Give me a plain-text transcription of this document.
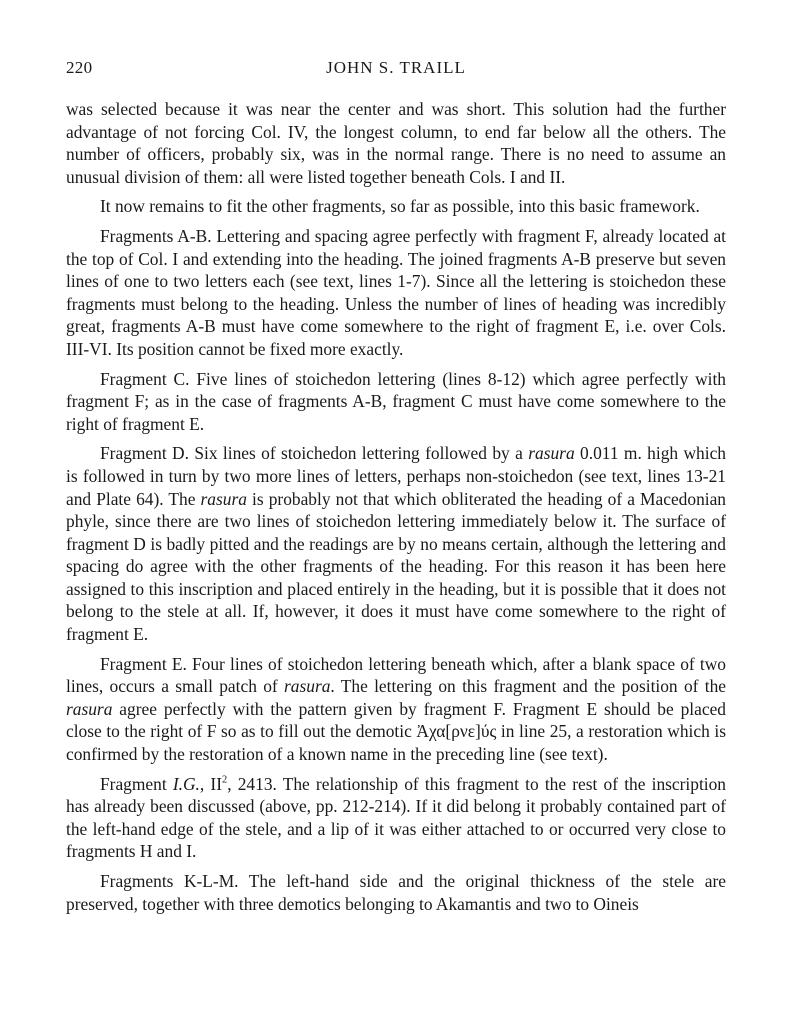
220	JOHN S. TRAILL

was selected because it was near the center and was short. This solution had the further advantage of not forcing Col. IV, the longest column, to end far below all the others. The number of officers, probably six, was in the normal range. There is no need to assume an unusual division of them: all were listed together beneath Cols. I and II.

It now remains to fit the other fragments, so far as possible, into this basic framework.

Fragments A-B. Lettering and spacing agree perfectly with fragment F, already located at the top of Col. I and extending into the heading. The joined fragments A-B preserve but seven lines of one to two letters each (see text, lines 1-7). Since all the lettering is stoichedon these fragments must belong to the heading. Unless the number of lines of heading was incredibly great, fragments A-B must have come somewhere to the right of fragment E, i.e. over Cols. III-VI. Its position cannot be fixed more exactly.

Fragment C. Five lines of stoichedon lettering (lines 8-12) which agree perfectly with fragment F; as in the case of fragments A-B, fragment C must have come somewhere to the right of fragment E.

Fragment D. Six lines of stoichedon lettering followed by a rasura 0.011 m. high which is followed in turn by two more lines of letters, perhaps non-stoichedon (see text, lines 13-21 and Plate 64). The rasura is probably not that which obliterated the heading of a Macedonian phyle, since there are two lines of stoichedon lettering immediately below it. The surface of fragment D is badly pitted and the readings are by no means certain, although the lettering and spacing do agree with the other fragments of the heading. For this reason it has been here assigned to this inscription and placed entirely in the heading, but it is possible that it does not belong to the stele at all. If, however, it does it must have come somewhere to the right of fragment E.

Fragment E. Four lines of stoichedon lettering beneath which, after a blank space of two lines, occurs a small patch of rasura. The lettering on this fragment and the position of the rasura agree perfectly with the pattern given by fragment F. Fragment E should be placed close to the right of F so as to fill out the demotic Ἀχα[ρνε]ύς in line 25, a restoration which is confirmed by the restoration of a known name in the preceding line (see text).

Fragment I.G., $II^2$, 2413. The relationship of this fragment to the rest of the inscription has already been discussed (above, pp. 212-214). If it did belong it probably contained part of the left-hand edge of the stele, and a lip of it was either attached to or occurred very close to fragments H and I.

Fragments K-L-M. The left-hand side and the original thickness of the stele are preserved, together with three demotics belonging to Akamantis and two to Oineis
